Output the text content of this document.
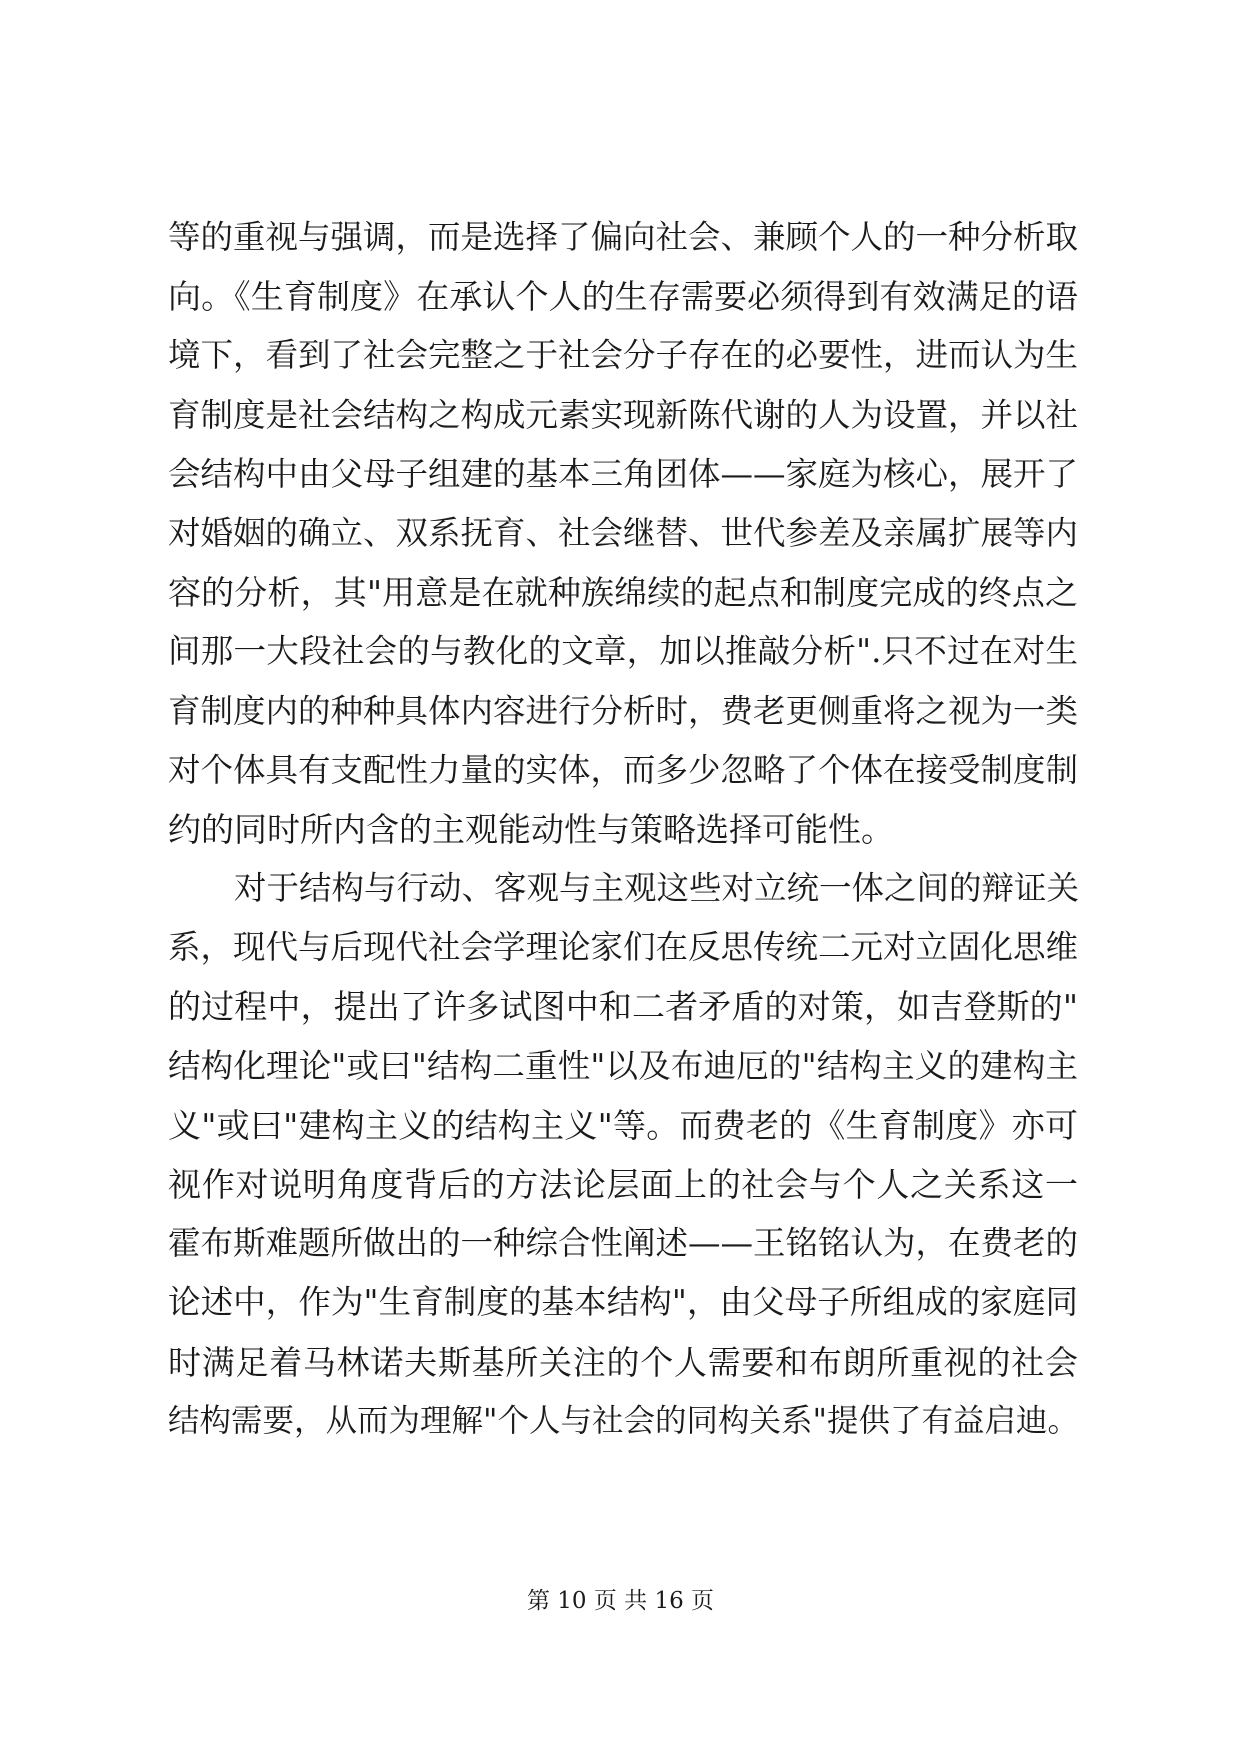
等的重视与强调，而是选择了偏向社会、兼顾个人的一种分析取
向。《生育制度》在承认个人的生存需要必须得到有效满足的语
境下，看到了社会完整之于社会分子存在的必要性，进而认为生
育制度是社会结构之构成元素实现新陈代谢的人为设置，并以社
会结构中由父母子组建的基本三角团体——家庭为核心，展开了
对婚姻的确立、双系抚育、社会继替、世代参差及亲属扩展等内
容的分析，其"用意是在就种族绵续的起点和制度完成的终点之
间那一大段社会的与教化的文章，加以推敲分析".只不过在对生
育制度内的种种具体内容进行分析时，费老更侧重将之视为一类
对个体具有支配性力量的实体，而多少忽略了个体在接受制度制
约的同时所内含的主观能动性与策略选择可能性。
对于结构与行动、客观与主观这些对立统一体之间的辩证关
系，现代与后现代社会学理论家们在反思传统二元对立固化思维
的过程中，提出了许多试图中和二者矛盾的对策，如吉登斯的"
结构化理论"或曰"结构二重性"以及布迪厄的"结构主义的建构主
义"或曰"建构主义的结构主义"等。而费老的《生育制度》亦可
视作对说明角度背后的方法论层面上的社会与个人之关系这一
霍布斯难题所做出的一种综合性阐述——王铭铭认为，在费老的
论述中，作为"生育制度的基本结构"，由父母子所组成的家庭同
时满足着马林诺夫斯基所关注的个人需要和布朗所重视的社会
结构需要，从而为理解"个人与社会的同构关系"提供了有益启迪。
第 10 页 共 16 页
